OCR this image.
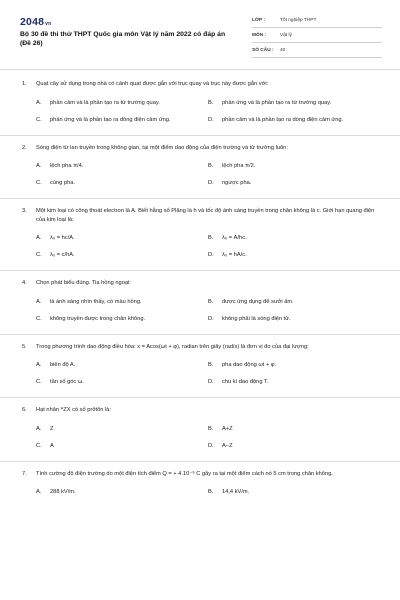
2048vn
Bộ 30 đề thi thử THPT Quốc gia môn Vật lý năm 2022 có đáp án (Đề 26)
LỚP :	Tốt nghiệp THPT
MÔN :	Vật lý
SỐ CÂU :	40
1. Quạt cây sử dụng trong nhà có cánh quạt được gắn với trục quay và trục này được gắn với:
A.	phần cảm và là phần tạo ra từ trường quay.	B.	phần ứng và là phần tạo ra từ trường quay.
C.	phần ứng và là phần tạo ra dòng điện cảm ứng.	D.	phần cảm và là phần tạo ra dòng điện cảm ứng.
2. Sóng điện từ lan truyền trong không gian, tại một điểm dao động của điện trường và từ trường luôn:
A.	lệch pha π/4.	B.	lệch pha π/2.
C.	cùng pha.	D.	ngược pha.
3. Một kim loại có công thoát electron là A. Biết hằng số Plăng là h và tốc độ ánh sáng truyền trong chân không là c. Giới hạn quang điện của kim loại là:
A.	λ₀ = hc/A.	B.	λ₀ = A/hc.
C.	λ₀ = c/hA.	D.	λ₀ = hA/c.
4. Chọn phát biểu đúng. Tia hồng ngoại:
A.	là ánh sáng nhìn thấy, có màu hồng.	B.	được ứng dụng để sưởi ấm.
C.	không truyền được trong chân không.	D.	không phải là sóng điện từ.
5. Trong phương trình dao động điều hòa: x = Acos(ωt + φ), radian trên giây (rad/s) là đơn vị đo của đại lượng:
A.	biên độ A.	B.	pha dao động ωt + φ.
C.	tần số góc ω.	D.	chu kì dao động T.
6. Hạt nhân ᴬZX có số prôtôn là:
A.	Z	B.	A+Z
C.	A	D.	A−Z
7. Tính cường độ điện trường do một điện tích điểm Q = + 4.10⁻⁹ C gây ra tại một điểm cách nó 5 cm trong chân không.
A.	288 kV/m.	B.	14,4 kV/m.
